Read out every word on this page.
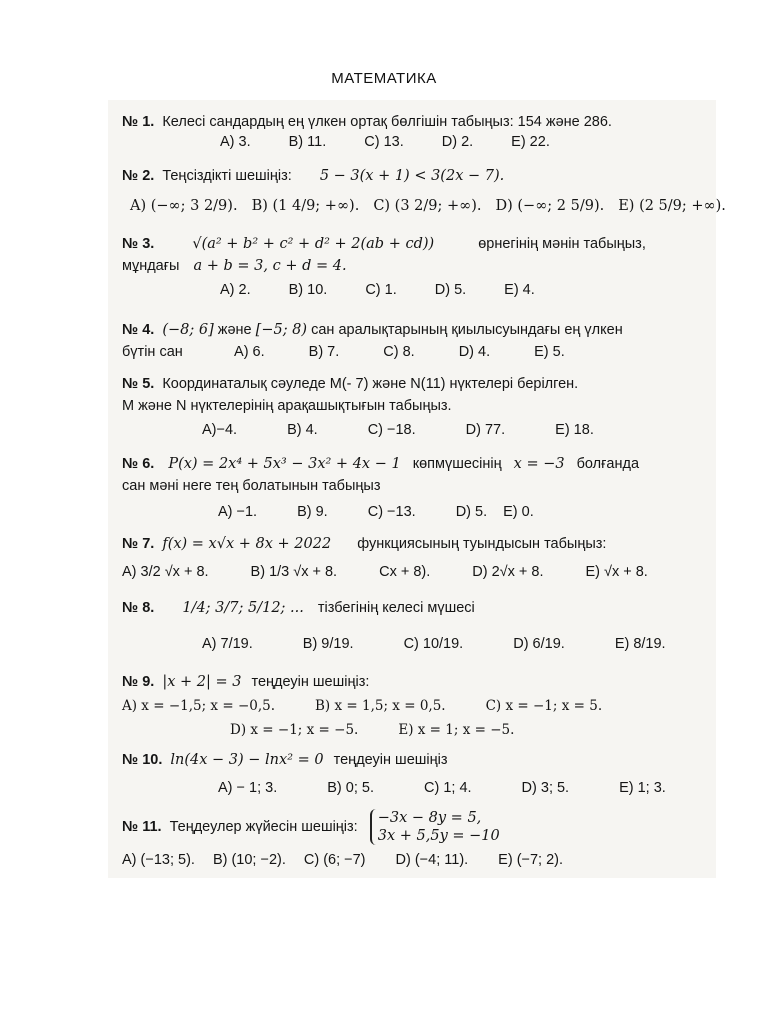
МАТЕМАТИКА
№ 1. Келесі сандардың ең үлкен ортақ бөлгішін табыңыз: 154 және 286.
A) 3.	B) 11.	C) 13.	D) 2.	E) 22.
№ 2. Теңсіздікті шешіңіз: 5 − 3(x + 1) < 3(2x − 7).
A) (−∞; 3 2/9). B) (1 4/9; +∞). C) (3 2/9; +∞). D) (−∞; 2 5/9). E) (2 5/9; +∞).
№ 3.	√(a² + b² + c² + d² + 2(ab + cd))	өрнегінің мәнін табыңыз,
мұндағы a + b = 3, c + d = 4.
A) 2.	B) 10.	C) 1.	D) 5.	E) 4.
№ 4. (−8; 6] және [−5; 8) сан аралықтарының қиылысуындағы ең үлкен
бүтін сан	A) 6.	B) 7.	C) 8.	D) 4.	E) 5.
№ 5. Координаталық сәуледе M(- 7) және N(11) нүктелері берілген.
M және N нүктелерінің арақашықтығын табыңыз.
A)−4.	B) 4.	C) −18.	D) 77.	E) 18.
№ 6. P(x) = 2x⁴ + 5x³ − 3x² + 4x − 1 көпмүшесінің x = −3 болғанда
сан мәні неге тең болатынын табыңыз
A) −1.	B) 9.	C) −13.	D) 5. E) 0.
№ 7. f(x) = x√x + 8x + 2022 функциясының туындысын табыңыз:
A) 3/2 √x + 8.	B) 1/3 √x + 8.	Cx + 8).	D) 2√x + 8.	E) √x + 8.
№ 8. 1/4; 3/7; 5/12; ... тізбегінің келесі мүшесі
A) 7/19.	B) 9/19.	C) 10/19.	D) 6/19.	E) 8/19.
№ 9. |x + 2| = 3 теңдеуін шешіңіз:
A) x = −1,5; x = −0,5.	B) x = 1,5; x = 0,5.	C) x = −1; x = 5.
D) x = −1; x = −5.	E) x = 1; x = −5.
№ 10. ln(4x − 3) − lnx² = 0 теңдеуін шешіңіз
A) − 1; 3.	B) 0; 5.	C) 1; 4.	D) 3; 5.	E) 1; 3.
№ 11. Теңдеулер жүйесін шешіңіз:
−3x − 8y = 5,
3x + 5,5y = −10
A) (−13; 5). B) (10; −2). C) (6; −7) D) (−4; 11). E) (−7; 2).
